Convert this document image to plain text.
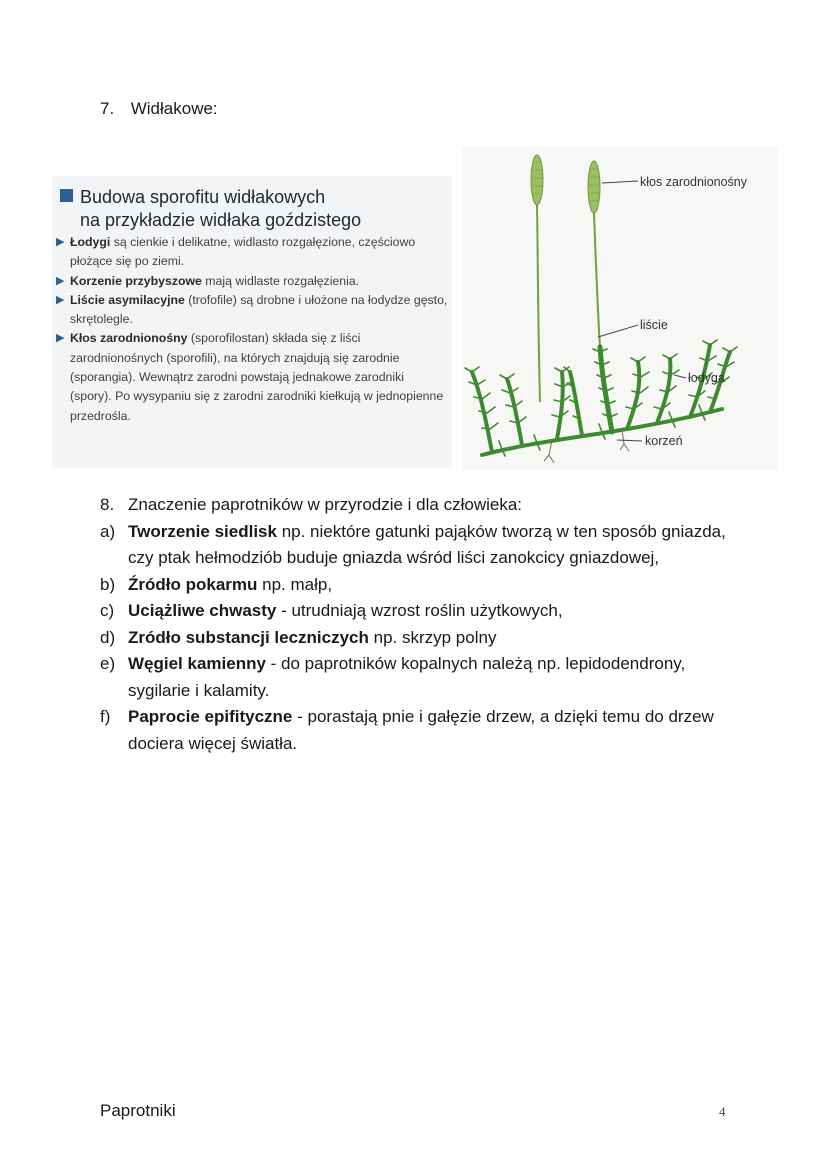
7. Widłakowe:
Budowa sporofitu widłakowych
na przykładzie widłaka goździstego
▶ Łodygi są cienkie i delikatne, widlasto rozgałęzione, częściowo płożące się po ziemi.
▶ Korzenie przybyszowe mają widlaste rozgałęzienia.
▶ Liście asymilacyjne (trofofile) są drobne i ułożone na łodydze gęsto, skrętolegle.
▶ Kłos zarodnionośny (sporofilostan) składa się z liści zarodnionośnych (sporofili), na których znajdują się zarodnie (sporangia). Wewnątrz zarodni powstają jednakowe zarodniki (spory). Po wysypaniu się z zarodni zarodniki kiełkują w jednopienne przedrośla.
kłos zarodnionośny
liście
łodyga
korzeń
8. Znaczenie paprotników w przyrodzie i dla człowieka:
a) Tworzenie siedlisk np. niektóre gatunki pająków tworzą w ten sposób gniazda, czy ptak hełmodziób buduje gniazda wśród liści zanokcicy gniazdowej,
b) Źródło pokarmu np. małp,
c) Uciążliwe chwasty - utrudniają wzrost roślin użytkowych,
d) Zródło substancji leczniczych np. skrzyp polny
e) Węgiel kamienny - do paprotników kopalnych należą np. lepidodendrony, sygilarie i kalamity.
f) Paprocie epifityczne - porastają pnie i gałęzie drzew, a dzięki temu do drzew dociera więcej światła.
Paprotniki	4
